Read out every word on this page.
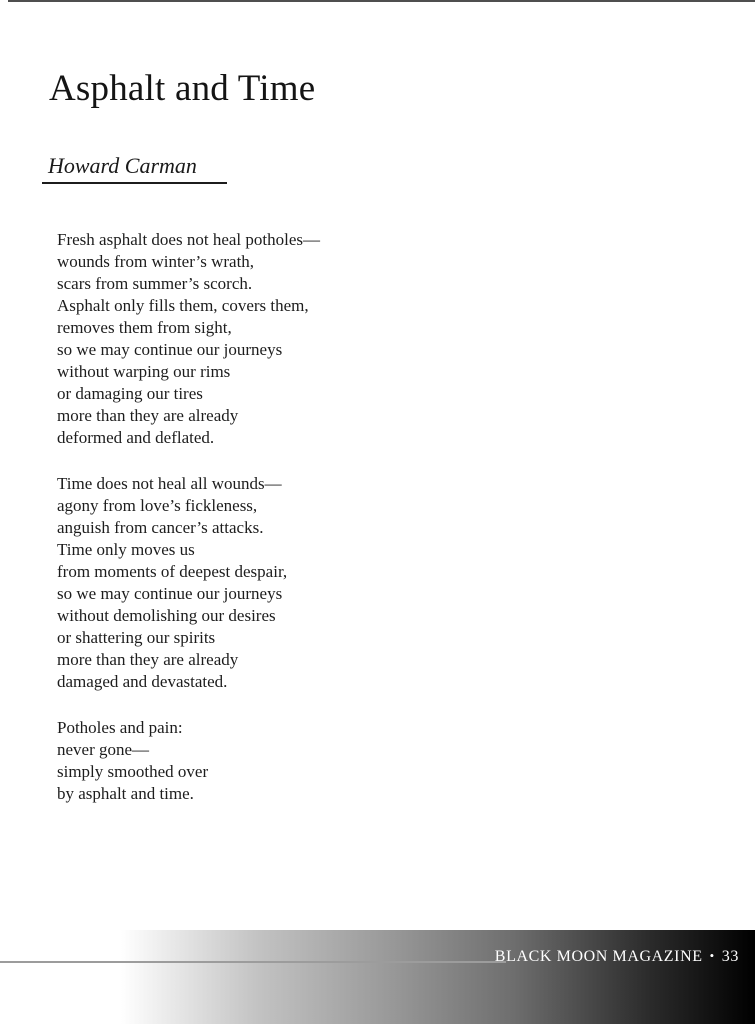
Asphalt and Time
Howard Carman
Fresh asphalt does not heal potholes—
wounds from winter’s wrath,
scars from summer’s scorch.
Asphalt only fills them, covers them,
removes them from sight,
so we may continue our journeys
without warping our rims
or damaging our tires
more than they are already
deformed and deflated.
Time does not heal all wounds—
agony from love’s fickleness,
anguish from cancer’s attacks.
Time only moves us
from moments of deepest despair,
so we may continue our journeys
without demolishing our desires
or shattering our spirits
more than they are already
damaged and devastated.
Potholes and pain:
never gone—
simply smoothed over
by asphalt and time.
BLACK MOON MAGAZINE • 33
